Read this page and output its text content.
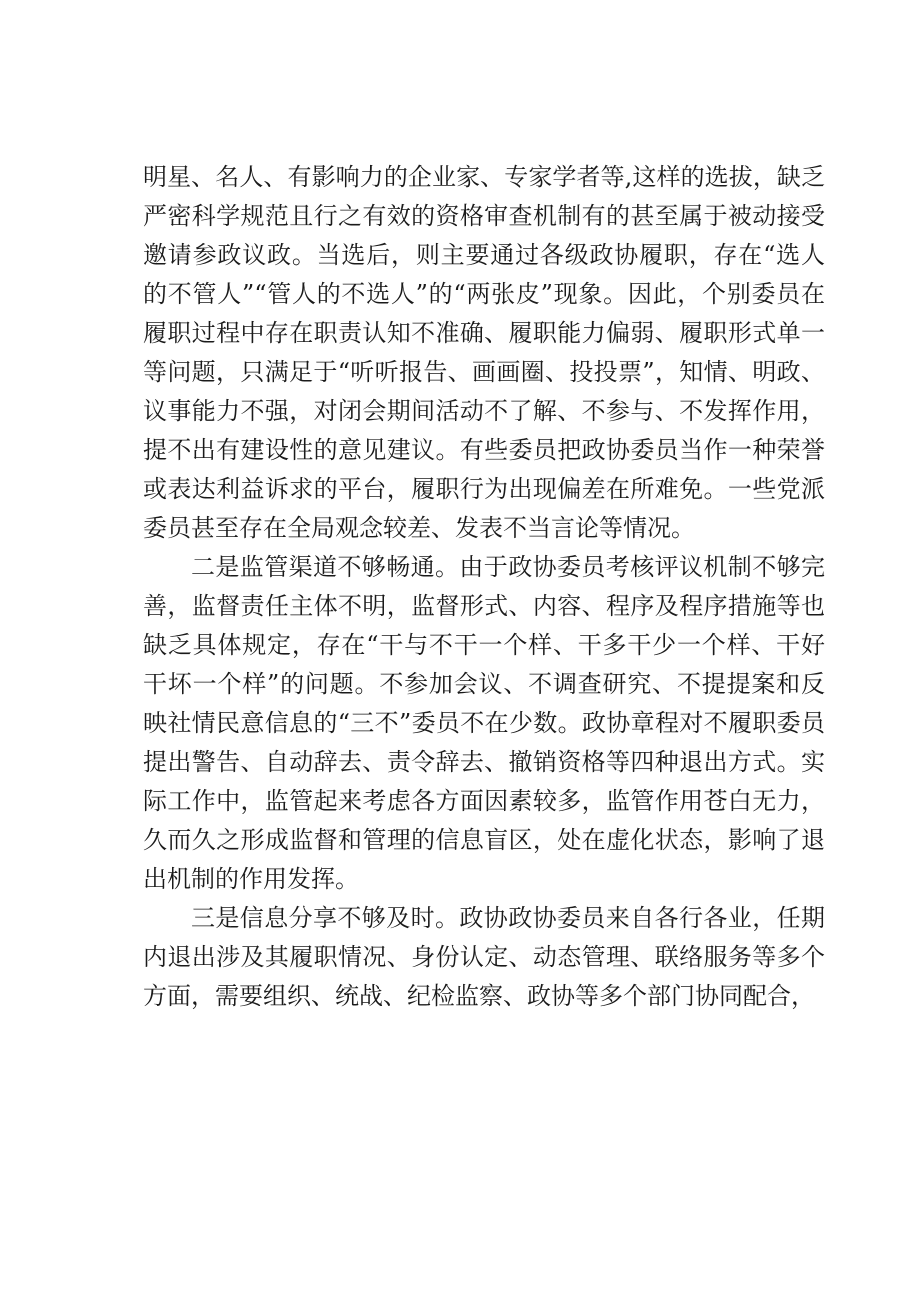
明星、名人、有影响力的企业家、专家学者等,这样的选拔，缺乏严密科学规范且行之有效的资格审查机制有的甚至属于被动接受邀请参政议政。当选后，则主要通过各级政协履职，存在“选人的不管人”“管人的不选人”的“两张皮”现象。因此，个别委员在履职过程中存在职责认知不准确、履职能力偏弱、履职形式单一等问题，只满足于“听听报告、画画圈、投投票”，知情、明政、议事能力不强，对闭会期间活动不了解、不参与、不发挥作用，提不出有建设性的意见建议。有些委员把政协委员当作一种荣誉或表达利益诉求的平台，履职行为出现偏差在所难免。一些党派委员甚至存在全局观念较差、发表不当言论等情况。

二是监管渠道不够畅通。由于政协委员考核评议机制不够完善，监督责任主体不明，监督形式、内容、程序及程序措施等也缺乏具体规定，存在“干与不干一个样、干多干少一个样、干好干坏一个样”的问题。不参加会议、不调查研究、不提提案和反映社情民意信息的“三不”委员不在少数。政协章程对不履职委员提出警告、自动辞去、责令辞去、撤销资格等四种退出方式。实际工作中，监管起来考虑各方面因素较多，监管作用苍白无力，久而久之形成监督和管理的信息盲区，处在虚化状态，影响了退出机制的作用发挥。

三是信息分享不够及时。政协政协委员来自各行各业，任期内退出涉及其履职情况、身份认定、动态管理、联络服务等多个方面，需要组织、统战、纪检监察、政协等多个部门协同配合，
